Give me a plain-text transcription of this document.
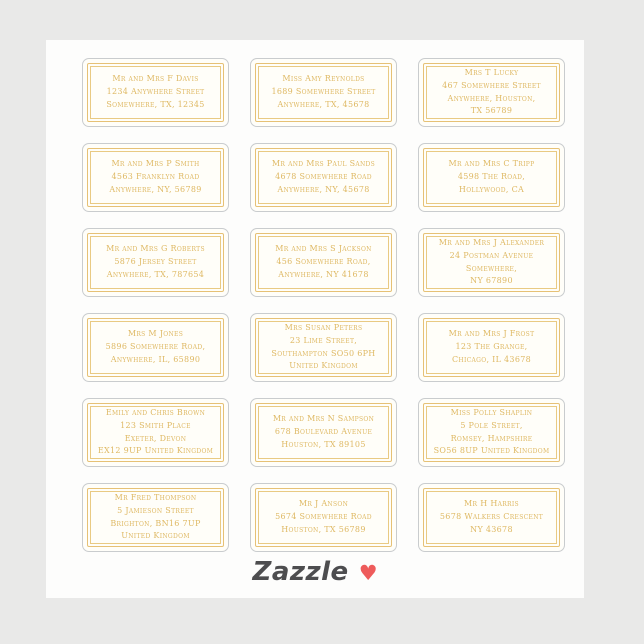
Mr and Mrs F Davis
1234 Anywhere Street
Somewhere, TX, 12345
Miss Amy Reynolds
1689 Somewhere Street
Anywhere, TX, 45678
Mrs T Lucky
467 Somewhere Street
Anywhere, Houston,
TX 56789
Mr and Mrs P Smith
4563 Franklyn Road
Anywhere, NY, 56789
Mr and Mrs Paul Sands
4678 Somewhere Road
Anywhere, NY, 45678
Mr and Mrs C Tripp
4598 The Road,
Hollywood, CA
Mr and Mrs G Roberts
5876 Jersey Street
Anywhere, TX, 787654
Mr and Mrs S Jackson
456 Somewhere Road,
Anywhere, NY 41678
Mr and Mrs J Alexander
24 Postman Avenue
Somewhere,
NY 67890
Mrs M Jones
5896 Somewhere Road,
Anywhere, IL, 65890
Mrs Susan Peters
23 Lime Street,
Southampton SO50 6PH
United Kingdom
Mr and Mrs J Frost
123 The Grange,
Chicago, IL 43678
Emily and Chris Brown
123 Smith Place
Exeter, Devon
EX12 9UP United Kingdom
Mr and Mrs N Sampson
678 Boulevard Avenue
Houston, TX 89105
Miss Polly Shaplin
5 Pole Street,
Romsey, Hampshire
SO56 8UP United Kingdom
Mr Fred Thompson
5 Jamieson Street
Brighton, BN16 7UP
United Kingdom
Mr J Anson
5674 Somewhere Road
Houston, TX 56789
Mr H Harris
5678 Walkers Crescent
NY 43678
Zazzle ♥
